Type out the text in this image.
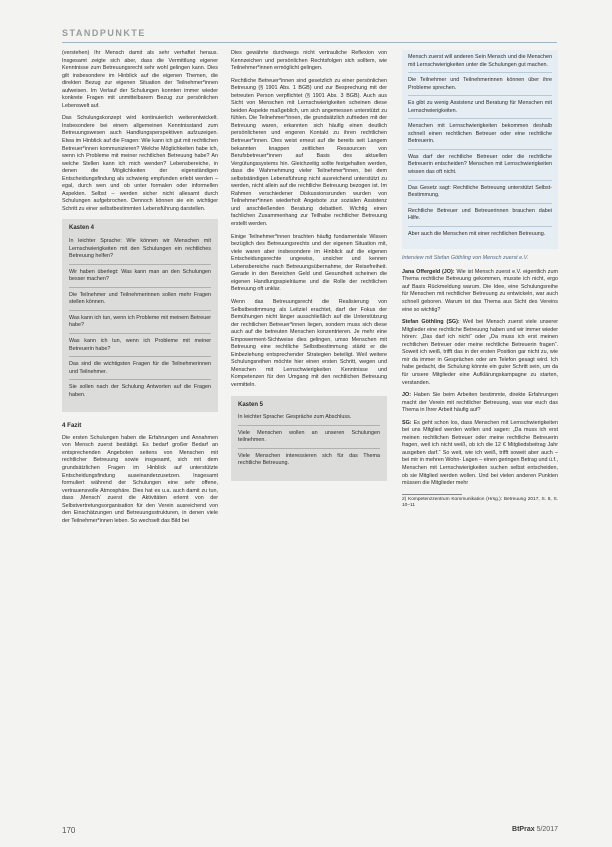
STANDPUNKTE

(verstehen) Ihr Mensch damit als sehr verhaftet heraus. Insgesamt zeigte sich aber, dass die Vermittlung eigener Kenntnisse zum Betreuungsrecht sehr wohl gelingen kann. Dies gilt insbesondere im Hinblick auf die eigenen Themen, die direkten Bezug zur eigenen Situation der Teilnehmer*innen aufweisen. Im Verlauf der Schulungen konnten immer wieder konkrete Fragen mit unmittelbarem Bezug zur persönlichen Lebenswelt auf.

Das Schulungskonzept wird kontinuierlich weiterentwickelt. Insbesondere bei einem allgemeinen Kenntnisstand zum Betreuungswesen auch Handlungsperspektiven aufzuzeigen. Etwa im Hinblick auf die Fragen: Wie kann ich gut mit rechtlichen Betreuer*innen kommunizieren? Welche Möglichkeiten habe ich, wenn ich Probleme mit meiner rechtlichen Betreuung habe? An welche Stellen kann ich mich wenden? Lebensbereiche, in denen die Möglichkeiten der eigenständigen Entscheidungsfindung als schwierig empfunden erlebt werden – egal, durch wen und ob unter formalen oder informellen Aspekten. Selbst – werden sicher nicht allesamt durch Schulungen aufgebrochen. Dennoch können sie ein wichtiger Schritt zu einer selbstbestimmten Lebensführung darstellen.

Kasten 4

In leichter Sprache: Wie können wir Menschen mit Lernschwierigkeiten mit den Schulungen ein rechtliches Betreuung helfen?

Wir haben überlegt: Was kann man an den Schulungen besser machen?

Die Teilnehmer und Teilnehmerinnen sollen mehr Fragen stellen können.

Was kann ich tun, wenn ich Probleme mit meinem Betreuer habe?

Was kann ich tun, wenn ich Probleme mit meiner Betreuerin habe?

Das sind die wichtigsten Fragen für die Teilnehmerinnen und Teilnehmer.

Sie sollen nach der Schulung Antworten auf die Fragen haben.

4 Fazit

Die ersten Schulungen haben die Erfahrungen und Annahmen von Mensch zuerst bestätigt. Es bedarf großer Bedarf an entsprechenden Angeboten seitens von Menschen mit rechtlicher Betreuung sowie insgesamt, sich mit dem grundsätzlichen Fragen im Hinblick auf unterstützte Entscheidungsfindung auseinanderzusetzen. Insgesamt formuliert während der Schulungen eine sehr offene, vertrauensvolle Atmosphäre. Dies hat es u.a. auch damit zu tun, dass ‚Mensch‘ zuerst die Aktivitäten erlernt von der Selbstvertretungsorganisation für den Verein ausreichend von den Einschätzungen und Betreuungsstrukturen, in denen viele der Teilnehmer*innen leben. So wechselt das Bild bei

Dies gewährte durchwegs nicht vertrauliche Reflexion von Kennzeichen und persönlichen Rechtsfolgen sich solltem, wie Teilnehmer*innen ermöglicht gelingen.

Rechtliche Betreuer*innen sind gesetzlich zu einer persönlichen Betreuung (§ 1901 Abs. 1 BGB) und zur Besprechung mit der betreuten Person verpflichtet (§ 1901 Abs. 3 BGB). Auch aus Sicht von Menschen mit Lernschwierigkeiten scheinen diese beiden Aspekte maßgeblich, um sich angemessen unterstützt zu fühlen. Die Teilnehmer*innen, die grundsätzlich zufrieden mit der Betreuung waren, erkannten sich häufig einen deutlich persönlicheren und engeren Kontakt zu ihren rechtlichen Betreuer*innen. Dies weist erneut auf die bereits seit Langem bekannten knappen zeitlichen Ressourcen von Berufsbetreuer*innen auf Basis des aktuellen Vergütungssystems hin. Gleichzeitig sollte festgehalten werden, dass die Wahrnehmung vieler Teilnehmer*innen, bei dem selbstständigen Lebensführung nicht ausreichend unterstützt zu werden, nicht allein auf die rechtliche Betreuung bezogen ist. Im Rahmen verschiedener Diskussionsrunden wurden von Teilnehmer*innen wiederholt Angebote zur sozialen Assistenz und anschließenden Beratung debattiert. Wichtig einen fachlichen Zusammenhang zur Teilhabe rechtlicher Betreuung erstellt werden.

Einige Teilnehmer*innen brachten häufig fundamentale Wissen bezüglich des Betreuungsrechts und der eigenen Situation mit, viele waren aber insbesondere im Hinblick auf die eigenen Entscheidungsrechte ungewiss, unsicher und kennen Lebensbereiche nach Betreuungsübernahme, der Reisefreiheit. Gerade in den Bereichen Geld und Gesundheit scheinen die eigenen Handlungsspielräume und die Rolle der rechtlichen Betreuung oft unklar.

Wenn das Betreuungsrecht die Realisierung von Selbstbestimmung als Leitziel erachtet, darf der Fokus der Bemühungen nicht länger ausschließlich auf die Unterstützung der rechtlichen Betreuer*innen liegen, sondern muss sich diese auch auf die betreuten Menschen konzentrieren. Je mehr eine Empowerment-Sichtweise dies gelingen, umso Menschen mit Betreuung eine rechtliche Selbstbestimmung stärkt er die Einbeziehung entsprechender Strategien beteiligt. Weil weitere Schulungsreihen möchte hier einen ersten Schritt, wegen und Menschen mit Lernschwierigkeiten Kenntnisse und Kompetenzen für den Umgang mit den rechtlichen Betreuung vermitteln.

Kasten 5

In leichter Sprache: Gespräche zum Abschluss.

Viele Menschen wollen an unseren Schulungen teilnehmen.

Viele Menschen interessieren sich für das Thema rechtliche Betreuung.

Mensch zuerst will anderen Sein Mensch und die Menschen mit Lernschwierigkeiten unter die Schulungen gut machen.

Die Teilnehmer und Teilnehmerinnen können über ihre Probleme sprechen.

Es gibt zu wenig Assistenz und Beratung für Menschen mit Lernschwierigkeiten.

Menschen mit Lernschwierigkeiten bekommen deshalb schnell einen rechtlichen Betreuer oder eine rechtliche Betreuerin.

Was darf der rechtliche Betreuer oder die rechtliche Betreuerin entscheiden? Menschen mit Lernschwierigkeiten wissen das oft nicht.

Das Gesetz sagt: Rechtliche Betreuung unterstützt Selbst-Bestimmung.

Rechtliche Betreuer und Betreuerinnen brauchen dabei Hilfe.

Aber auch die Menschen mit einer rechtlichen Betreuung.

Interview mit Stefan Göthling von Mensch zuerst e.V.

Jana Offergeld (JO): Wie ist Mensch zuerst e.V. eigentlich zum Thema rechtliche Betreuung gekommen, musste ich nicht, ergo auf Basis Rückmeldung warum. Die Idee, eine Schulungsreihe für Menschen mit rechtlicher Betreuung zu entwickeln, war auch schnell geboren. Warum ist das Thema aus Sicht des Vereins eine so wichtig?

Stefan Göthling (SG): Weil bei Mensch zuerst viele unserer Mitglieder eine rechtliche Betreuung haben und wir immer wieder hören: „Das darf ich nicht“ oder „Da muss ich erst meinen rechtlichen Betreuer oder meine rechtliche Betreuerin fragen“. Soweit ich weiß, trifft das in der ersten Position gar nicht zu, wie mir da immer in Gesprächen oder am Telefon gesagt wird. Ich habe gedacht, die Schulung könnte ein guter Schritt sein, um da für unsere Mitglieder eine Aufklärungskampagne zu starten, verstanden.

JO: Haben Sie beim Arbeiten bestimmte, direkte Erfahrungen macht der Verein mit rechtlicher Betreuung, was war euch das Thema in Ihrer Arbeit häufig auf?

SG: Es geht schon los, dass Menschen mit Lernschwierigkeiten bei uns Mitglied werden wollen und sagen: „Da muss ich erst meinen rechtlichen Betreuer oder meine rechtliche Betreuerin fragen, weil ich nicht weiß, ob ich die 12 € Mitgliedsbeitrag Jahr ausgeben darf.“ So weit, wie ich weiß, trifft soweit aber auch – bei mir in mehren Wohn- Lagen – einen geringen Betrag und ü.f., Menschen mit Lernschwierigkeiten suchen selbst entscheiden, ob sie Mitglied werden wollen. Und bei vielen anderen Punkten müssen die Mitglieder mehr

2) Kompetenzzentrum Kommunikation (Hrsg.): Betreuung 2017, S. 8, S. 10–11
170	BtPrax 5/2017
